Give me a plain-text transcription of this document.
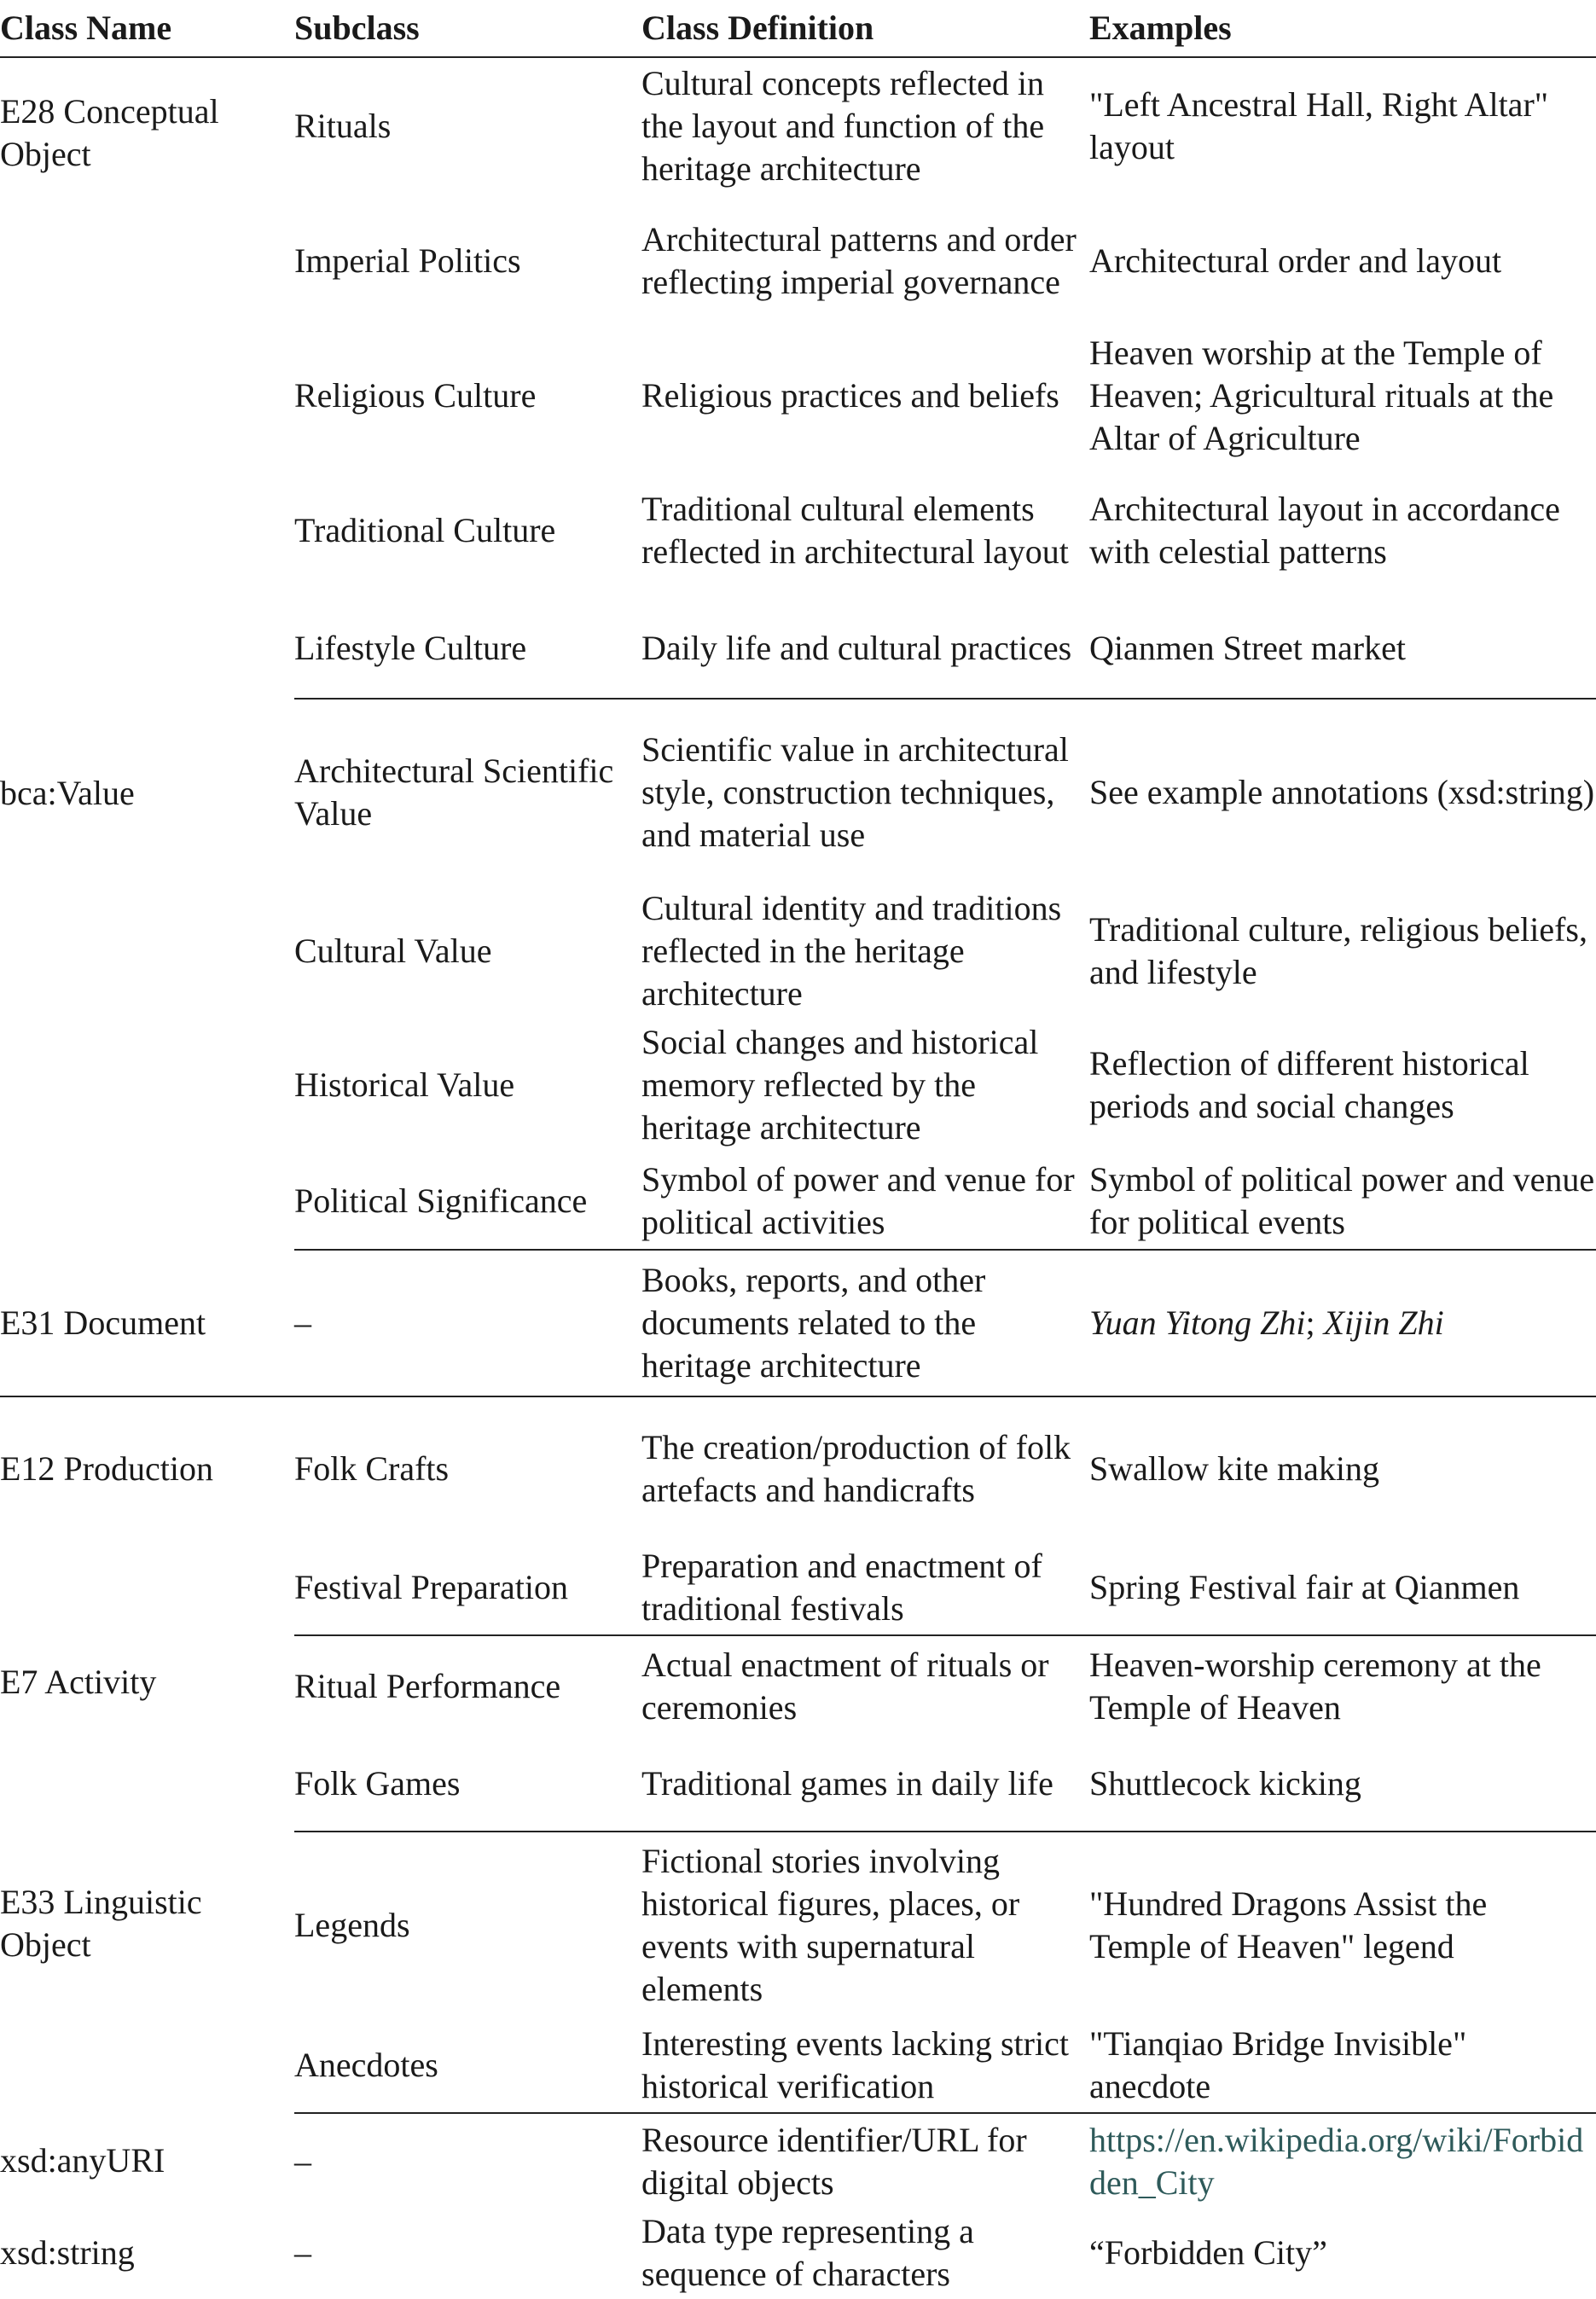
Class Name	Subclass	Class Definition	Examples
E28 Conceptual Object	Rituals	Cultural concepts reflected in the layout and function of the heritage architecture	"Left Ancestral Hall, Right Altar" layout
	Imperial Politics	Architectural patterns and order reflecting imperial governance	Architectural order and layout
	Religious Culture	Religious practices and beliefs	Heaven worship at the Temple of Heaven; Agricultural rituals at the Altar of Agriculture
	Traditional Culture	Traditional cultural elements reflected in architectural layout	Architectural layout in accordance with celestial patterns
	Lifestyle Culture	Daily life and cultural practices	Qianmen Street market
bca:Value	Architectural Scientific Value	Scientific value in architectural style, construction techniques, and material use	See example annotations (xsd:string)
	Cultural Value	Cultural identity and traditions reflected in the heritage architecture	Traditional culture, religious beliefs, and lifestyle
	Historical Value	Social changes and historical memory reflected by the heritage architecture	Reflection of different historical periods and social changes
	Political Significance	Symbol of power and venue for political activities	Symbol of political power and venue for political events
E31 Document	–	Books, reports, and other documents related to the heritage architecture	Yuan Yitong Zhi; Xijin Zhi
E12 Production	Folk Crafts	The creation/production of folk artefacts and handicrafts	Swallow kite making
	Festival Preparation	Preparation and enactment of traditional festivals	Spring Festival fair at Qianmen
E7 Activity	Ritual Performance	Actual enactment of rituals or ceremonies	Heaven-worship ceremony at the Temple of Heaven
	Folk Games	Traditional games in daily life	Shuttlecock kicking
E33 Linguistic Object	Legends	Fictional stories involving historical figures, places, or events with supernatural elements	"Hundred Dragons Assist the Temple of Heaven" legend
	Anecdotes	Interesting events lacking strict historical verification	"Tianqiao Bridge Invisible" anecdote
xsd:anyURI	–	Resource identifier/URL for digital objects	https://en.wikipedia.org/wiki/Forbidden_City
xsd:string	–	Data type representing a sequence of characters	“Forbidden City”
